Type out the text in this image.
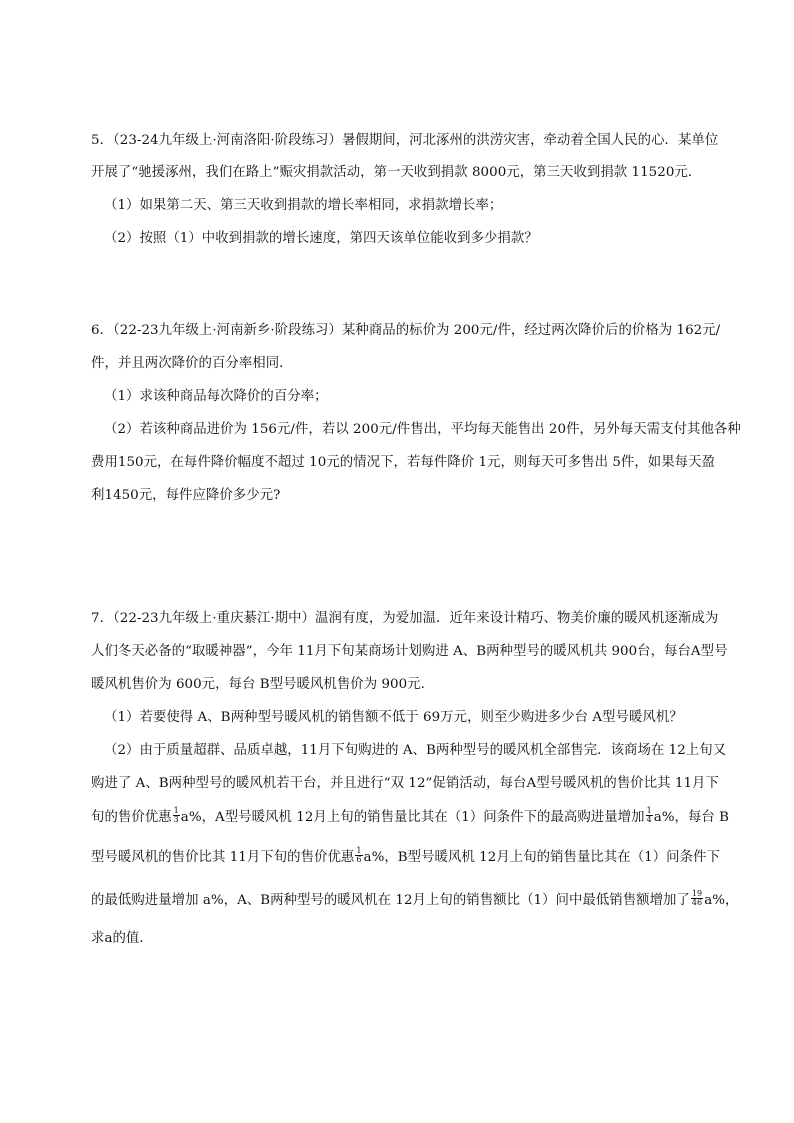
5．（23-24九年级上·河南洛阳·阶段练习）暑假期间，河北涿州的洪涝灾害，牵动着全国人民的心．某单位
开展了“驰援涿州，我们在路上”赈灾捐款活动，第一天收到捐款 8000元，第三天收到捐款 11520元．
（1）如果第二天、第三天收到捐款的增长率相同，求捐款增长率；
（2）按照（1）中收到捐款的增长速度，第四天该单位能收到多少捐款？
6．（22-23九年级上·河南新乡·阶段练习）某种商品的标价为 200元/件，经过两次降价后的价格为 162元/
件，并且两次降价的百分率相同．
（1）求该种商品每次降价的百分率；
（2）若该种商品进价为 156元/件，若以 200元/件售出，平均每天能售出 20件，另外每天需支付其他各种
费用150元，在每件降价幅度不超过 10元的情况下，若每件降价 1元，则每天可多售出 5件，如果每天盈
利1450元，每件应降价多少元?
7．（22-23九年级上·重庆綦江·期中）温润有度，为爱加温．近年来设计精巧、物美价廉的暖风机逐渐成为
人们冬天必备的“取暖神器”，今年 11月下旬某商场计划购进 A、B两种型号的暖风机共 900台，每台A型号
暖风机售价为 600元，每台 B型号暖风机售价为 900元．
（1）若要使得 A、B两种型号暖风机的销售额不低于 69万元，则至少购进多少台 A型号暖风机？
（2）由于质量超群、品质卓越，11月下旬购进的 A、B两种型号的暖风机全部售完．该商场在 12上旬又
购进了 A、B两种型号的暖风机若干台，并且进行“双 12”促销活动，每台A型号暖风机的售价比其 11月下
旬的售价优惠 $\frac{1}{3} a\%$，A型号暖风机 12月上旬的销售量比其在（1）问条件下的最高购进量增加 $\frac{1}{4} a\%$，每台 B
型号暖风机的售价比其 11月下旬的售价优惠 $\frac{1}{6} a\%$，B型号暖风机 12月上旬的销售量比其在（1）问条件下
的最低购进量增加 a%，A、B两种型号的暖风机在 12月上旬的销售额比（1）问中最低销售额增加了 $\frac{19}{46} a\%$，
求a的值．
